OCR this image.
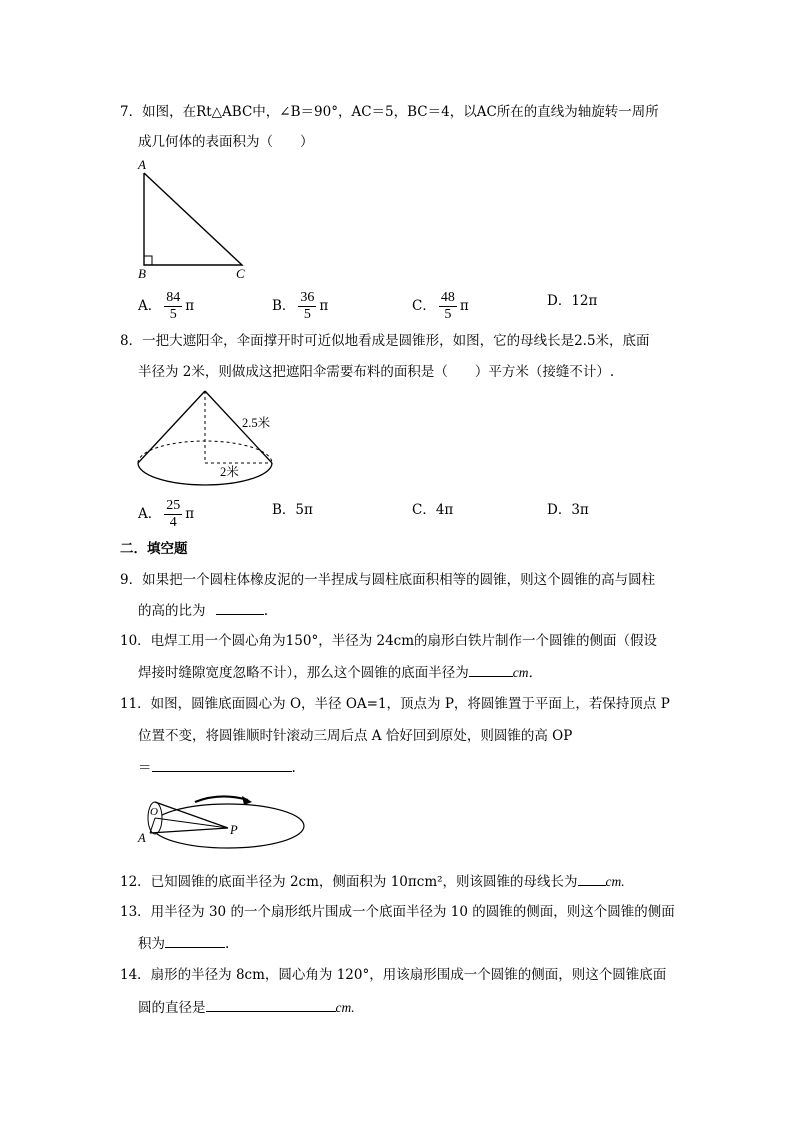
7．如图，在Rt△ABC中，∠B＝90°，AC＝5，BC＝4，以AC所在的直线为轴旋转一周所
成几何体的表面积为（　　）
A
B	C
A． $\frac{84}{5}$ π	B． $\frac{36}{5}$ π	C． $\frac{48}{5}$ π	D．12π
8．一把大遮阳伞，伞面撑开时可近似地看成是圆锥形，如图，它的母线长是2.5米，底面
半径为 2米，则做成这把遮阳伞需要布料的面积是（　　）平方米（接缝不计）.
2.5米
2米
A． $\frac{25}{4}$ π	B．5π	C．4π	D．3π
二．填空题
9．如果把一个圆柱体橡皮泥的一半捏成与圆柱底面积相等的圆锥，则这个圆锥的高与圆柱
的高的比为	.
10．电焊工用一个圆心角为150°，半径为 24cm的扇形白铁片制作一个圆锥的侧面（假设
焊接时缝隙宽度忽略不计），那么这个圆锥的底面半径为	cm．
11．如图，圆锥底面圆心为 O，半径 OA=1，顶点为 P，将圆锥置于平面上，若保持顶点 P
位置不变，将圆锥顺时针滚动三周后点 A 恰好回到原处，则圆锥的高 OP
＝	.
O
A
P
12．已知圆锥的底面半径为 2cm，侧面积为 10πcm²，则该圆锥的母线长为 cm.
13．用半径为 30 的一个扇形纸片围成一个底面半径为 10 的圆锥的侧面，则这个圆锥的侧面
积为	.
14．扇形的半径为 8cm，圆心角为 120°，用该扇形围成一个圆锥的侧面，则这个圆锥底面
圆的直径是	cm.
